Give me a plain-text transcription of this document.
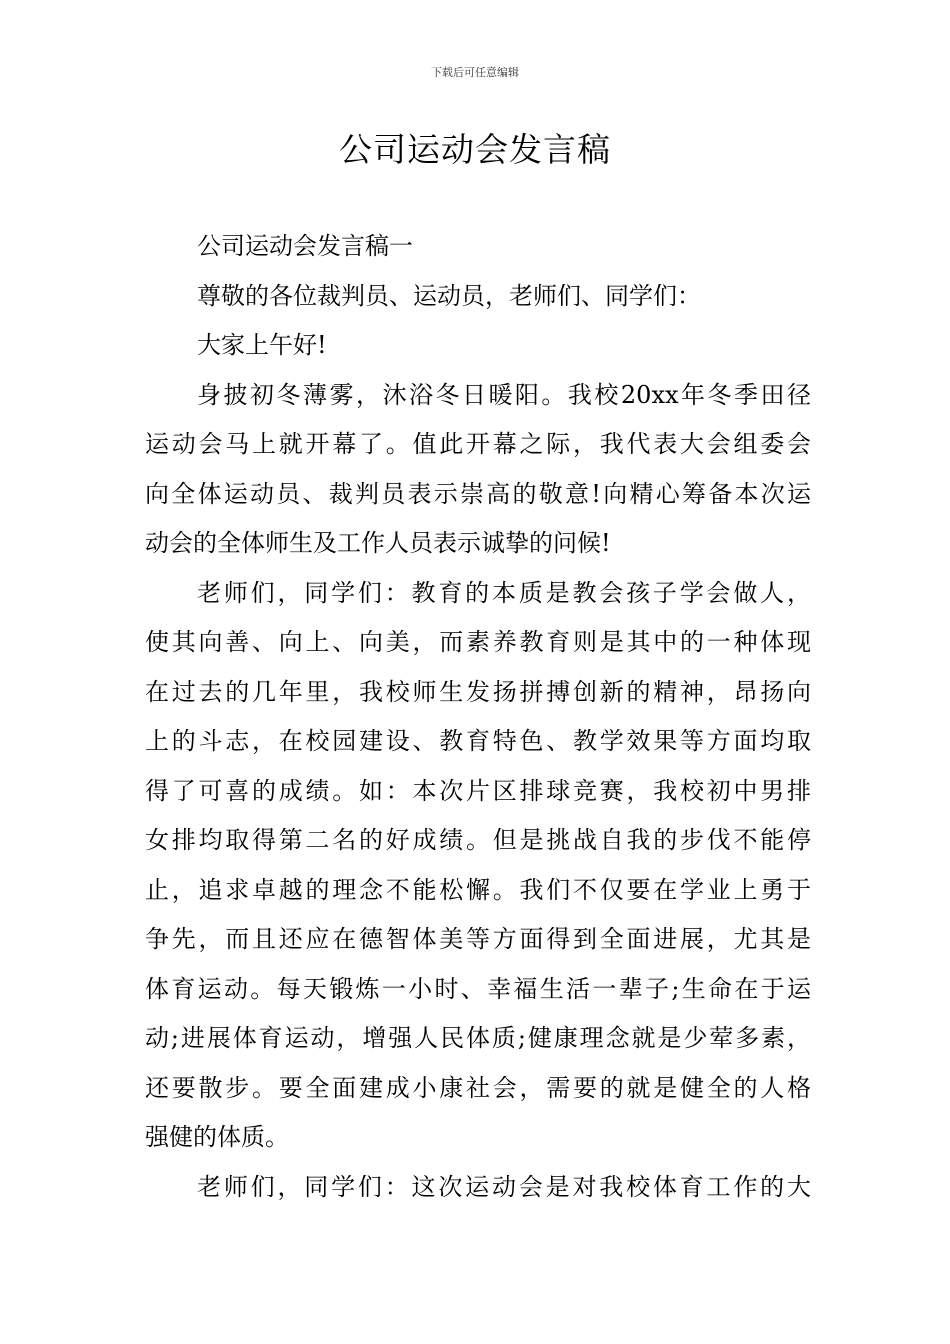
下载后可任意编辑
公司运动会发言稿
公司运动会发言稿一
尊敬的各位裁判员、运动员，老师们、同学们：
大家上午好!
身披初冬薄雾，沐浴冬日暖阳。我校20xx年冬季田径
运动会马上就开幕了。值此开幕之际，我代表大会组委会
向全体运动员、裁判员表示崇高的敬意!向精心筹备本次运
动会的全体师生及工作人员表示诚挚的问候!
老师们，同学们：教育的本质是教会孩子学会做人，
使其向善、向上、向美，而素养教育则是其中的一种体现
在过去的几年里，我校师生发扬拼搏创新的精神，昂扬向
上的斗志，在校园建设、教育特色、教学效果等方面均取
得了可喜的成绩。如：本次片区排球竞赛，我校初中男排
女排均取得第二名的好成绩。但是挑战自我的步伐不能停
止，追求卓越的理念不能松懈。我们不仅要在学业上勇于
争先，而且还应在德智体美等方面得到全面进展，尤其是
体育运动。每天锻炼一小时、幸福生活一辈子;生命在于运
动;进展体育运动，增强人民体质;健康理念就是少荤多素，
还要散步。要全面建成小康社会，需要的就是健全的人格
强健的体质。
老师们，同学们：这次运动会是对我校体育工作的大
